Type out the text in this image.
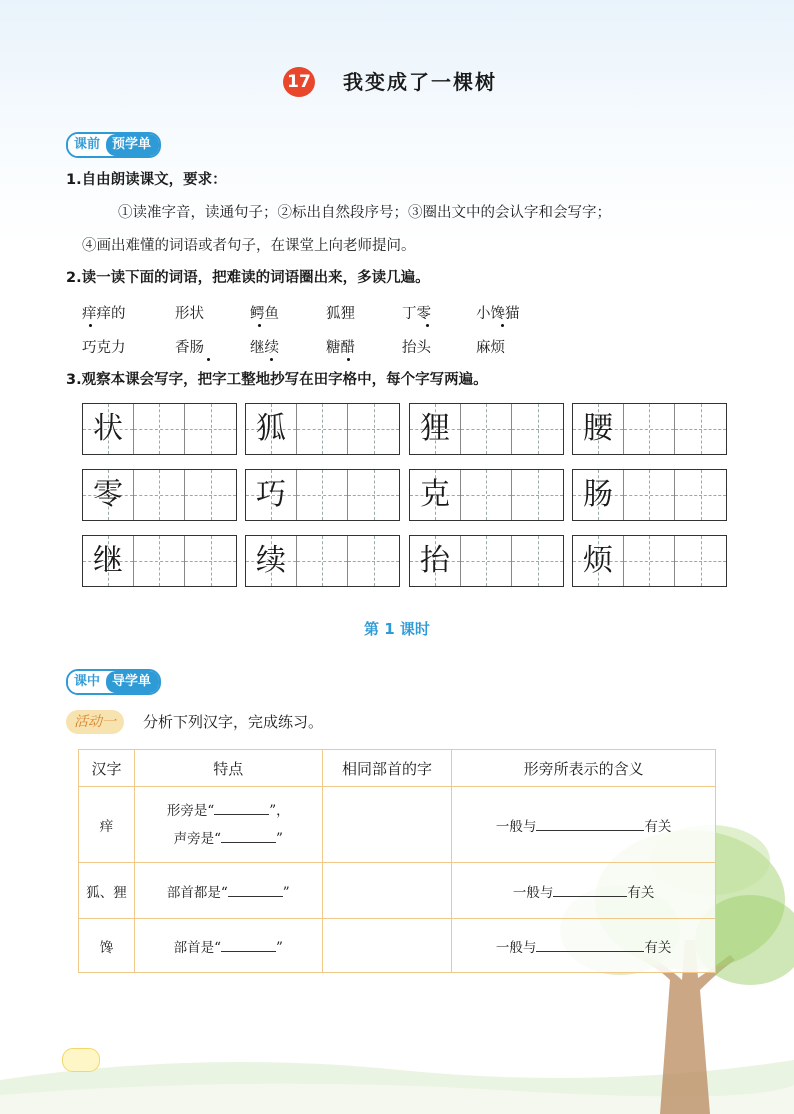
17 我变成了一棵树
课前 预学单
1.自由朗读课文，要求：
①读准字音，读通句子；②标出自然段序号；③圈出文中的会认字和会写字；
④画出难懂的词语或者句子，在课堂上向老师提问。
2.读一读下面的词语，把难读的词语圈出来，多读几遍。
痒痒的	形状	鳄鱼	狐狸	丁零	小馋猫
巧克力	香肠	继续	糖醋	抬头	麻烦
3.观察本课会写字，把字工整地抄写在田字格中，每个字写两遍。
状	狐	狸	腰
零	巧	克	肠
继	续	抬	烦
第 1 课时
课中 导学单
活动一	分析下列汉字，完成练习。
汉字	特点	相同部首的字	形旁所表示的含义
痒	形旁是“ ”，
声旁是“ ”		一般与 有关
狐、狸	部首都是“ ”		一般与 有关
馋	部首是“ ”		一般与 有关
